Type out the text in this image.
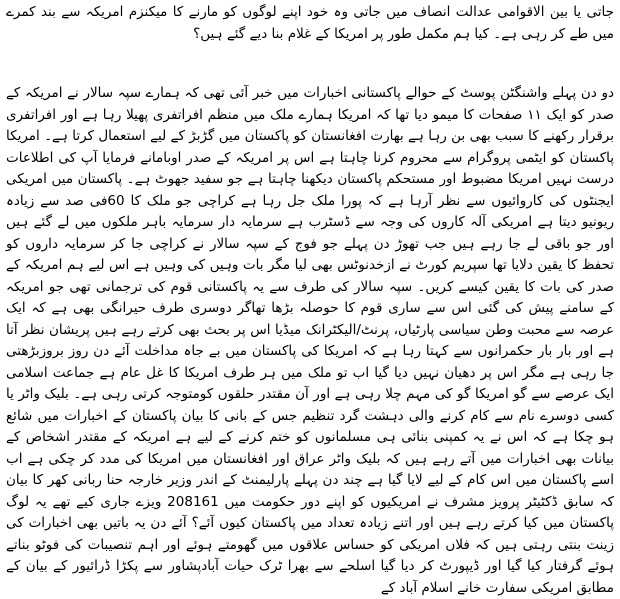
جاتی یا بین الاقوامی عدالت انصاف میں جاتی وہ خود اپنے لوگوں کو مارنے کا میکنزم امریکہ سے بند کمرے میں طے کر رہی ہے۔ کیا ہم مکمل طور پر امریکا کے غلام بنا دیے گئے ہیں؟

دو دن پہلے واشنگٹن پوسٹ کے حوالے پاکستانی اخبارات میں خبر آئی تھی کہ ہمارے سپہ سالار نے امریکہ کے صدر کو ایک ۱۱ صفحات کا میمو دیا تھا کہ امریکا ہمارے ملک میں منظم افراتفری پھیلا رہا ہے اور افراتفری برقرار رکھنے کا سبب بھی بن رہا ہے بھارت افغانستان کو پاکستان میں گڑبڑ کے لیے استعمال کرتا ہے۔ امریکا پاکستان کو ایٹمی پروگرام سے محروم کرنا چاہتا ہے اس پر امریکہ کے صدر اوبامانے فرمایا آپ کی اطلاعات درست نہیں امریکا مضبوط اور مستحکم پاکستان دیکھنا چاہتا ہے جو سفید جھوٹ ہے۔ پاکستان میں امریکی ایجنٹوں کی کاروائیوں سے نظر آرہا ہے کہ پورا ملک جل رہا ہے کراچی جو ملک کا 60فی صد سے زیادہ ریونیو دیتا ہے امریکی آلہ کاروں کی وجہ سے ڈسٹرب ہے سرمایہ دار سرمایہ باہر ملکوں میں لے گئے ہیں اور جو باقی لے جا رہے ہیں جب تھوڑ دن پہلے جو فوج کے سپہ سالار نے کراچی جا کر سرمایہ داروں کو تحفظ کا یقین دلایا تھا سپریم کورٹ نے ازخدنوٹس بھی لیا مگر بات وہیں کی وہیں ہے اس لیے ہم امریکہ کے صدر کی بات کا یقین کیسے کریں۔ سپہ سالار کی طرف سے یہ پاکستانی قوم کی ترجمانی تھی جو امریکہ کے سامنے پیش کی گئی اس سے ساری قوم کا حوصلہ بڑھا تھاگر دوسری طرف حیرانگی بھی ہے کہ ایک عرصہ سے محبت وطن سیاسی پارٹیاں، پرنٹ/الیکٹرانک میڈیا اس پر بحث بھی کرتے رہے ہیں پریشان نظر آتا ہے اور بار بار حکمرانوں سے کہتا رہا ہے کہ امریکا کی پاکستان میں بے جاہ مداخلت آئے دن روز بروزبڑھتی جا رہی ہے مگر اس پر دھیان نہیں دیا گیا اب تو ملک میں ہر طرف امریکا کا غل عام ہے جماعت اسلامی ایک عرصے سے گو امریکا گو کی مہم چلا رہی ہے اور آن مقتدر حلقوں کومتوجہ کرتی رہی ہے۔ بلیک واٹر یا کسی دوسرے نام سے کام کرنے والی دہشت گرد تنظیم جس کے بانی کا بیان پاکستان کے اخبارات میں شائع ہو چکا ہے کہ اس نے یہ کمپنی بنائی ہی مسلمانوں کو ختم کرنے کے لیے ہے امریکہ کے مقتدر اشخاص کے بیانات بھی اخبارات میں آتے رہے ہیں کہ بلیک واٹر عراق اور افغانستان میں امریکا کی مدد کر چکی ہے اب اسے پاکستان میں اس کام کے لیے لایا گیا ہے چند دن پہلے پارلیمنٹ کے اندر وزیر خارجہ حنا ربانی کھر کا بیان کہ سابق ڈکٹیٹر پرویز مشرف نے امریکیوں کو اپنے دور حکومت میں 208161 ویزے جاری کیے تھے یہ لوگ پاکستان میں کیا کرتے رہے ہیں اور اتنے زیادہ تعداد میں پاکستان کیوں آئے؟ آئے دن یہ باتیں بھی اخبارات کی زینت بنتی رہتی ہیں کہ فلاں امریکی کو حساس علاقوں میں گھومتے ہوئے اور اہم تنصیبات کی فوٹو بناتے ہوئے گرفتار کیا گیا اور ڈیپورٹ کر دیا گیا اسلحے سے بھرا ٹرک حیات آبادپشاور سے پکڑا ڈرائیور کے بیان کے مطابق امریکی سفارت خانے اسلام آباد کے
